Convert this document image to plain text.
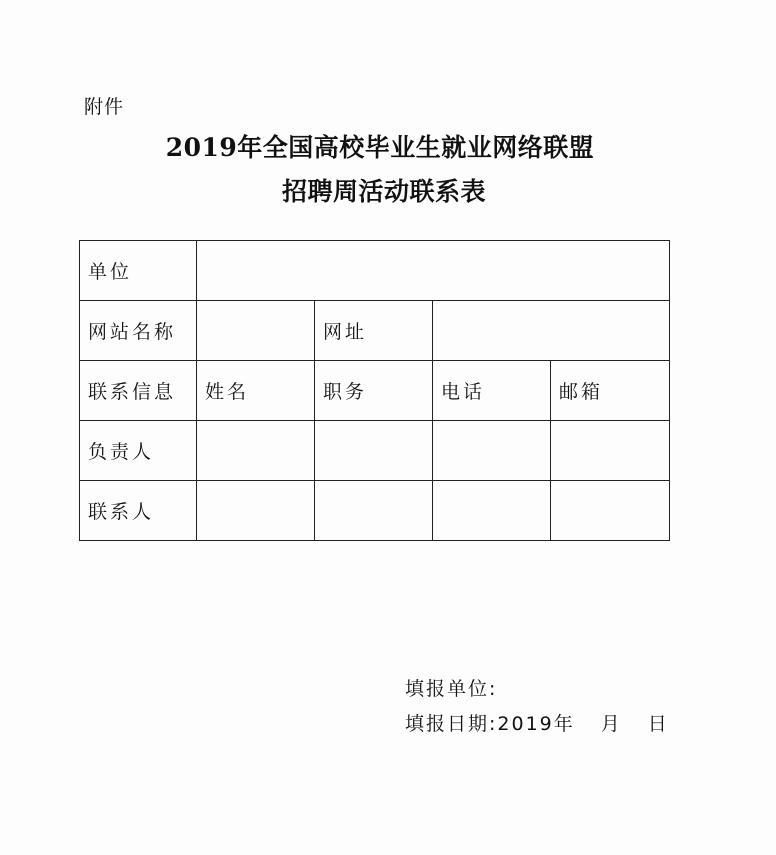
附件
2019年全国高校毕业生就业网络联盟
招聘周活动联系表
单位				
网站名称		网址		
联系信息	姓名	职务	电话	邮箱
负责人				
联系人				
填报单位:
填报日期:2019年 月 日
